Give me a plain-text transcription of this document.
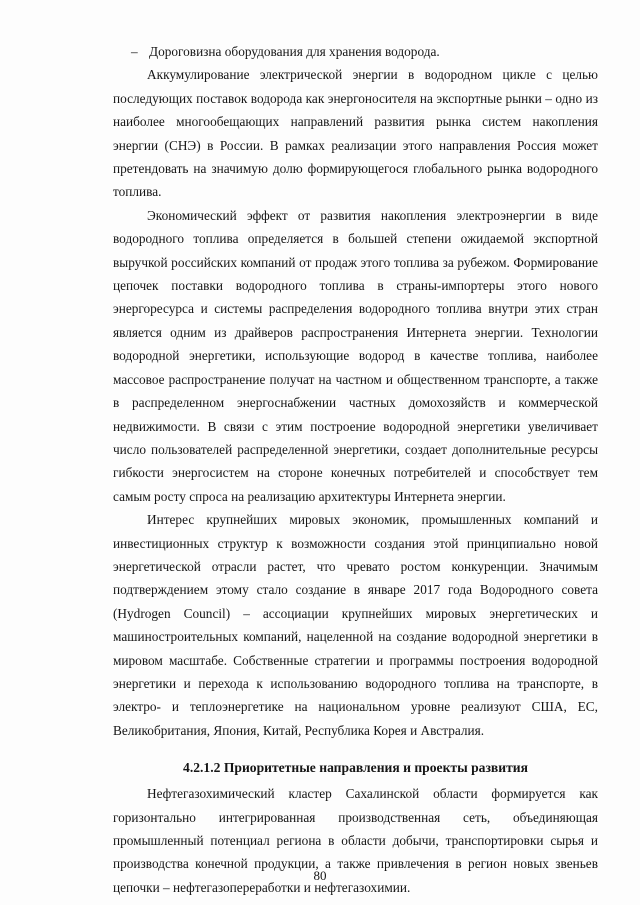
– Дороговизна оборудования для хранения водорода.

Аккумулирование электрической энергии в водородном цикле с целью последующих поставок водорода как энергоносителя на экспортные рынки – одно из наиболее многообещающих направлений развития рынка систем накопления энергии (СНЭ) в России. В рамках реализации этого направления Россия может претендовать на значимую долю формирующегося глобального рынка водородного топлива.

Экономический эффект от развития накопления электроэнергии в виде водородного топлива определяется в большей степени ожидаемой экспортной выручкой российских компаний от продаж этого топлива за рубежом. Формирование цепочек поставки водородного топлива в страны-импортеры этого нового энергоресурса и системы распределения водородного топлива внутри этих стран является одним из драйверов распространения Интернета энергии. Технологии водородной энергетики, использующие водород в качестве топлива, наиболее массовое распространение получат на частном и общественном транспорте, а также в распределенном энергоснабжении частных домохозяйств и коммерческой недвижимости. В связи с этим построение водородной энергетики увеличивает число пользователей распределенной энергетики, создает дополнительные ресурсы гибкости энергосистем на стороне конечных потребителей и способствует тем самым росту спроса на реализацию архитектуры Интернета энергии.

Интерес крупнейших мировых экономик, промышленных компаний и инвестиционных структур к возможности создания этой принципиально новой энергетической отрасли растет, что чревато ростом конкуренции. Значимым подтверждением этому стало создание в январе 2017 года Водородного совета (Hydrogen Council) – ассоциации крупнейших мировых энергетических и машиностроительных компаний, нацеленной на создание водородной энергетики в мировом масштабе. Собственные стратегии и программы построения водородной энергетики и перехода к использованию водородного топлива на транспорте, в электро- и теплоэнергетике на национальном уровне реализуют США, ЕС, Великобритания, Япония, Китай, Республика Корея и Австралия.

4.2.1.2 Приоритетные направления и проекты развития

Нефтегазохимический кластер Сахалинской области формируется как горизонтально интегрированная производственная сеть, объединяющая промышленный потенциал региона в области добычи, транспортировки сырья и производства конечной продукции, а также привлечения в регион новых звеньев цепочки – нефтегазопереработки и нефтегазохимии.

80
